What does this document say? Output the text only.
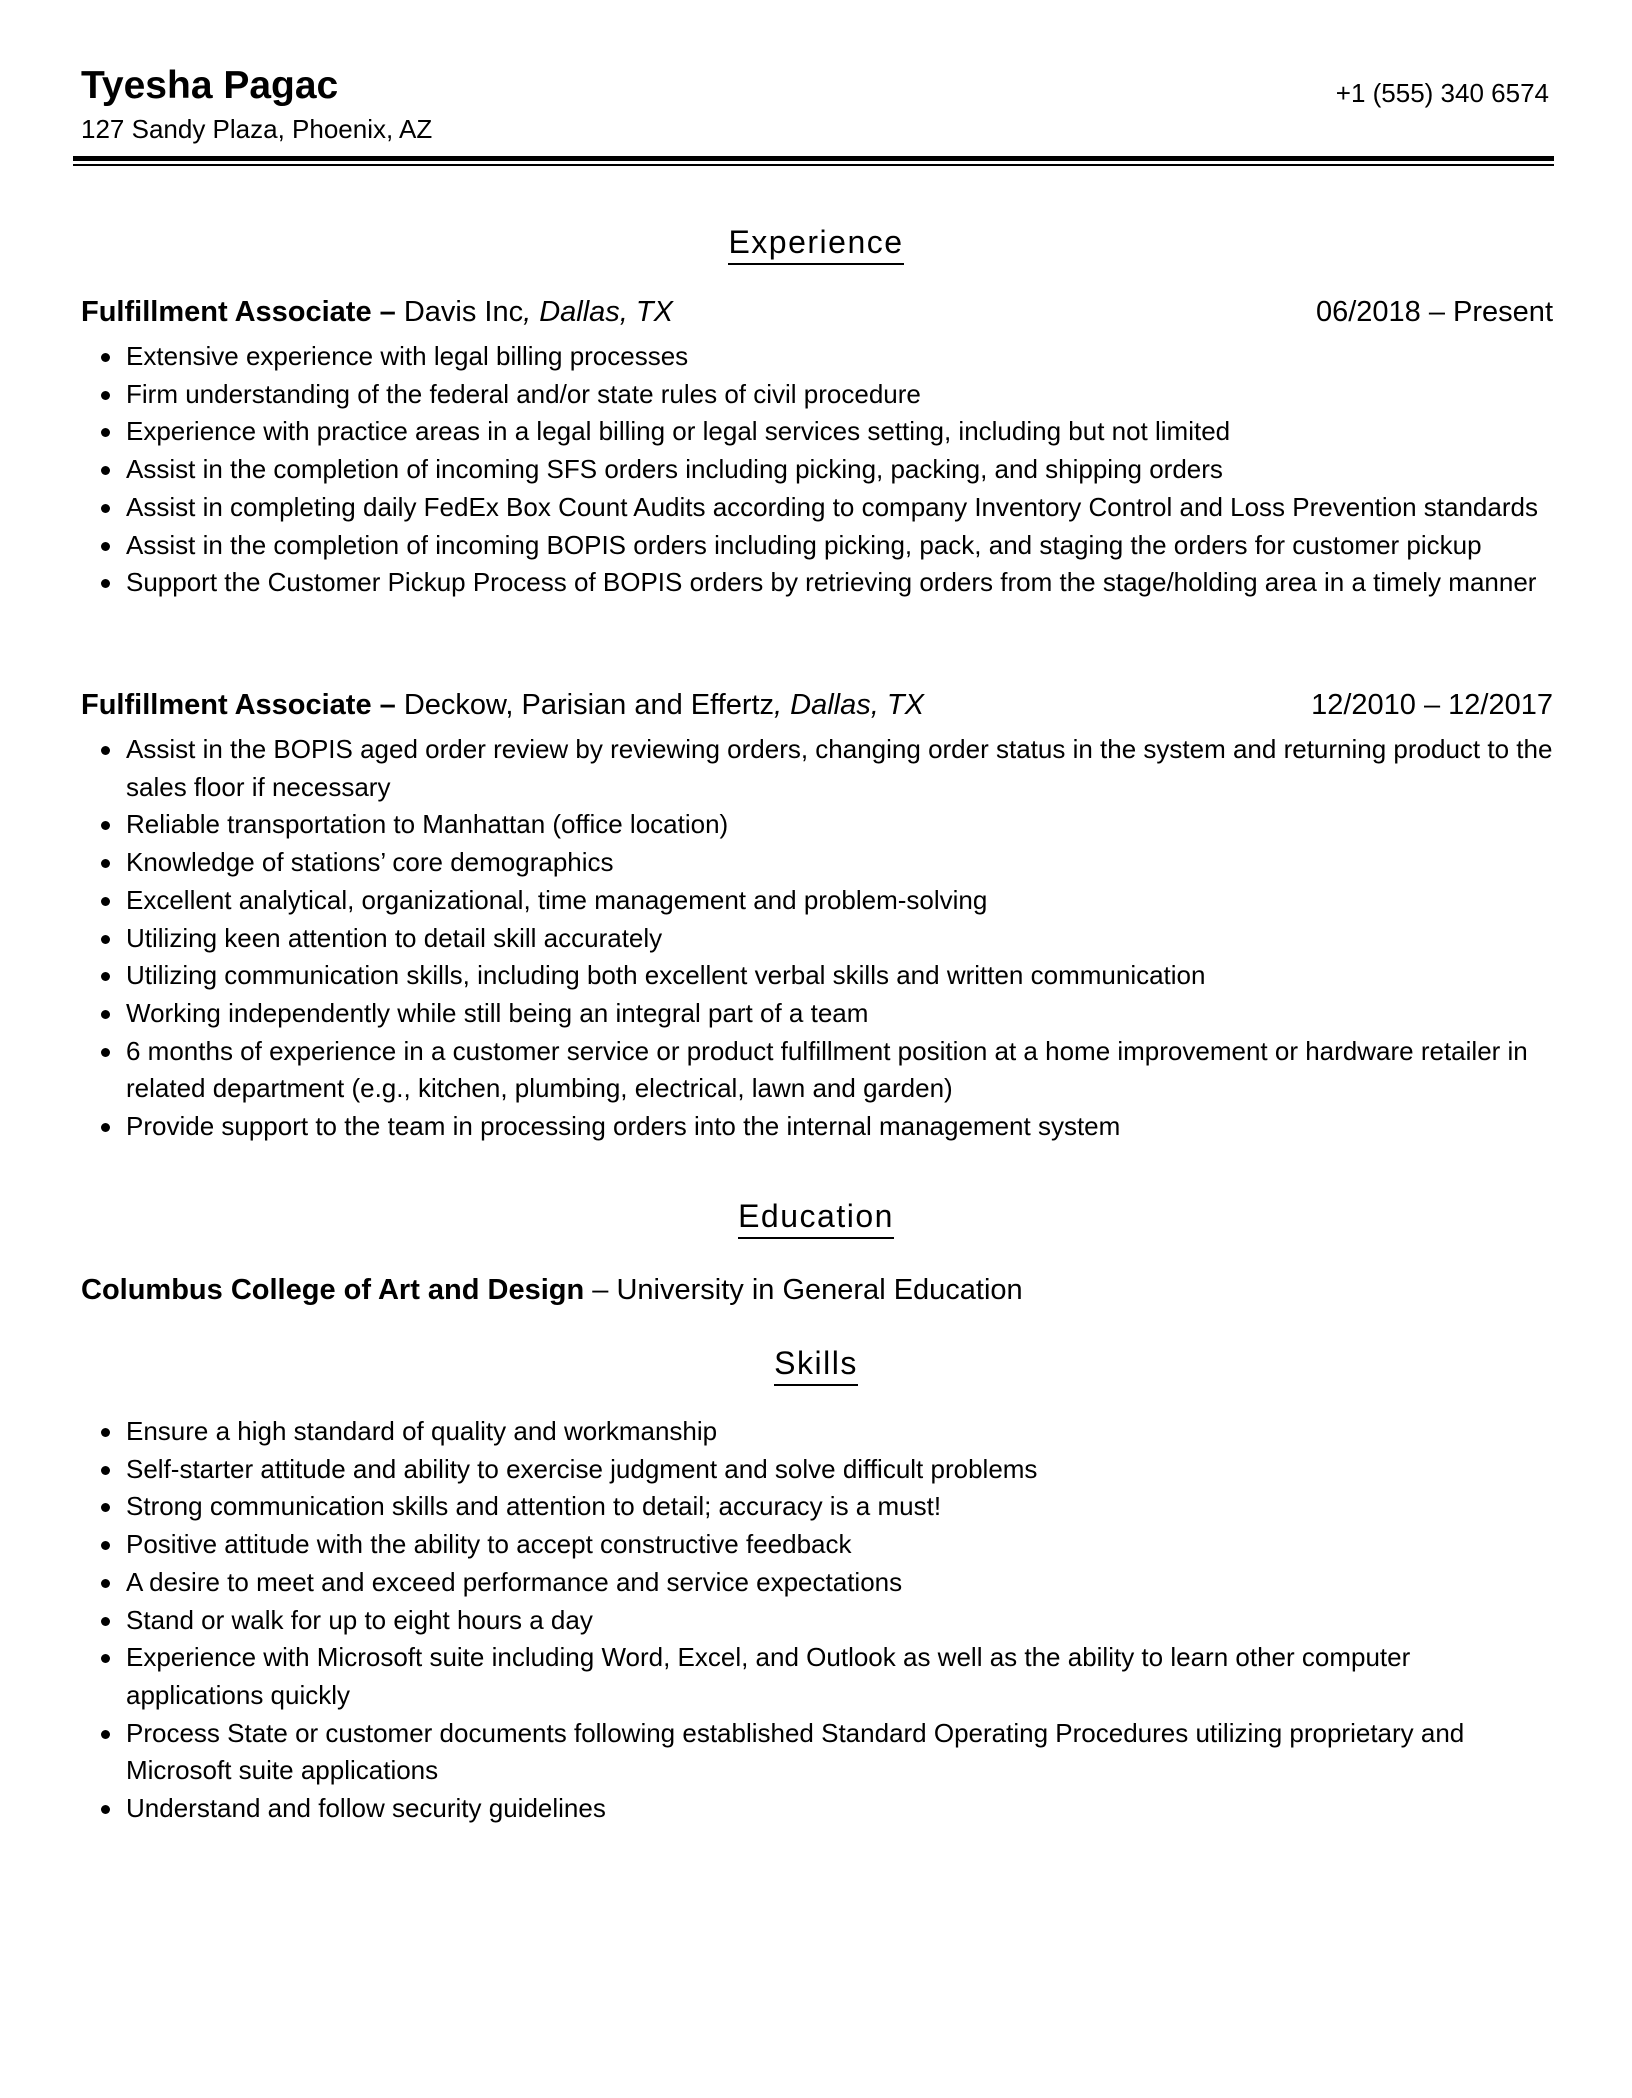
Tyesha Pagac
127 Sandy Plaza, Phoenix, AZ
+1 (555) 340 6574
Experience
Fulfillment Associate – Davis Inc, Dallas, TX	06/2018 – Present
Extensive experience with legal billing processes
Firm understanding of the federal and/or state rules of civil procedure
Experience with practice areas in a legal billing or legal services setting, including but not limited
Assist in the completion of incoming SFS orders including picking, packing, and shipping orders
Assist in completing daily FedEx Box Count Audits according to company Inventory Control and Loss Prevention standards
Assist in the completion of incoming BOPIS orders including picking, pack, and staging the orders for customer pickup
Support the Customer Pickup Process of BOPIS orders by retrieving orders from the stage/holding area in a timely manner
Fulfillment Associate – Deckow, Parisian and Effertz, Dallas, TX	12/2010 – 12/2017
Assist in the BOPIS aged order review by reviewing orders, changing order status in the system and returning product to the sales floor if necessary
Reliable transportation to Manhattan (office location)
Knowledge of stations’ core demographics
Excellent analytical, organizational, time management and problem-solving
Utilizing keen attention to detail skill accurately
Utilizing communication skills, including both excellent verbal skills and written communication
Working independently while still being an integral part of a team
6 months of experience in a customer service or product fulfillment position at a home improvement or hardware retailer in related department (e.g., kitchen, plumbing, electrical, lawn and garden)
Provide support to the team in processing orders into the internal management system
Education
Columbus College of Art and Design – University in General Education
Skills
Ensure a high standard of quality and workmanship
Self-starter attitude and ability to exercise judgment and solve difficult problems
Strong communication skills and attention to detail; accuracy is a must!
Positive attitude with the ability to accept constructive feedback
A desire to meet and exceed performance and service expectations
Stand or walk for up to eight hours a day
Experience with Microsoft suite including Word, Excel, and Outlook as well as the ability to learn other computer applications quickly
Process State or customer documents following established Standard Operating Procedures utilizing proprietary and Microsoft suite applications
Understand and follow security guidelines
